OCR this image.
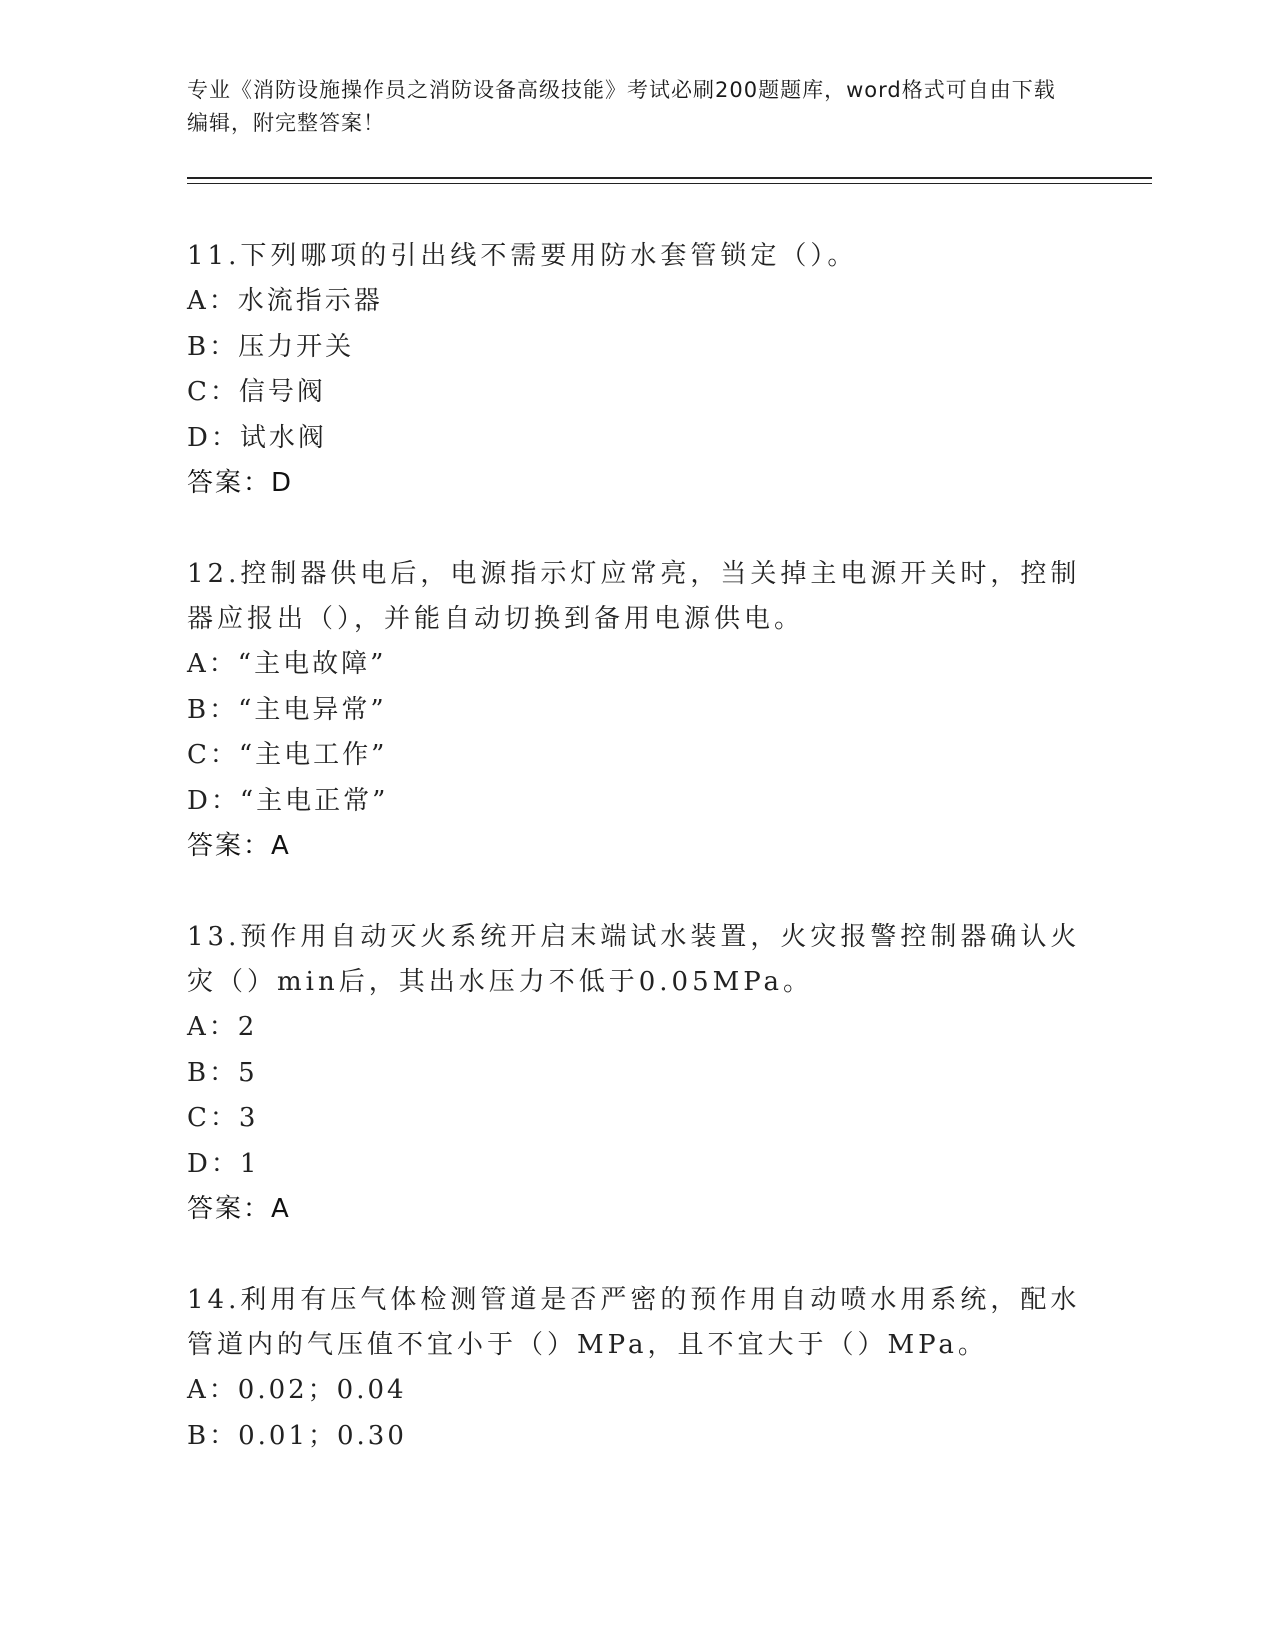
专业《消防设施操作员之消防设备高级技能》考试必刷200题题库，word格式可自由下载编辑，附完整答案！
11.下列哪项的引出线不需要用防水套管锁定（）。
A：水流指示器
B：压力开关
C：信号阀
D：试水阀
答案：D
12.控制器供电后，电源指示灯应常亮，当关掉主电源开关时，控制器应报出（），并能自动切换到备用电源供电。
A：“主电故障”
B：“主电异常”
C：“主电工作”
D：“主电正常”
答案：A
13.预作用自动灭火系统开启末端试水装置，火灾报警控制器确认火灾（）min后，其出水压力不低于0.05MPa。
A：2
B：5
C：3
D：1
答案：A
14.利用有压气体检测管道是否严密的预作用自动喷水用系统，配水管道内的气压值不宜小于（）MPa，且不宜大于（）MPa。
A：0.02；0.04
B：0.01；0.30
